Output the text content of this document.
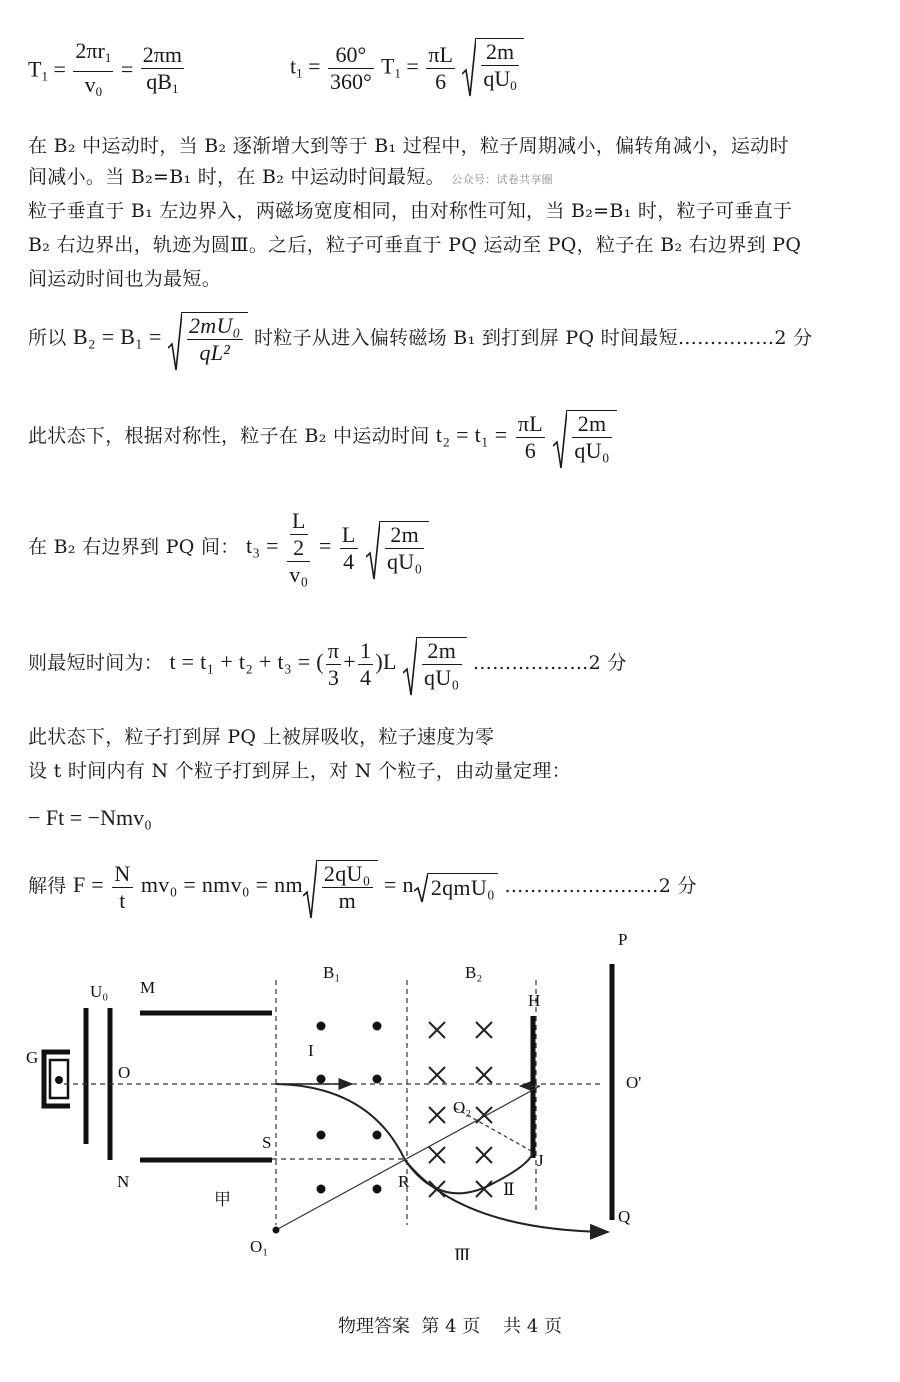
$T_1 = \frac{2\pi r_1}{v_0} = \frac{2\pi m}{qB_1}$	$t_1 = \frac{60^\circ}{360^\circ} T_1 = \frac{\pi L}{6}$
$\frac{2m}{qU_0}$
在 B₂ 中运动时，当 B₂ 逐渐增大到等于 B₁ 过程中，粒子周期减小，偏转角减小，运动时
间减小。当 B₂=B₁ 时，在 B₂ 中运动时间最短。 公众号：试卷共享圈
粒子垂直于 B₁ 左边界入，两磁场宽度相同，由对称性可知，当 B₂=B₁ 时，粒子可垂直于
B₂ 右边界出，轨迹为圆Ⅲ。之后，粒子可垂直于 PQ 运动至 PQ，粒子在 B₂ 右边界到 PQ
间运动时间也为最短。
所以 $B_2 = B_1 = \frac{\text{2mU₀}}{\text{qL²}}$ 时粒子从进入偏转磁场 B₁ 到打到屏 PQ 时间最短……………2 分
此状态下，根据对称性，粒子在 B₂ 中运动时间 $t_2 = t_1 = \frac{\pi L}{6}$
$\frac{2m}{\text{qU₀}}$
在 B₂ 右边界到 PQ 间： $t_3 = \frac{\frac{L}{2}}{\text{v₀}} = \frac{L}{4}$
$\frac{2m}{\text{qU₀}}$
则最短时间为： t = t₁ + t₂ + t₃ = ( $\frac{\pi}{3} + \frac{1}{4} )L \frac{2m}{\text{qU₀}}$ ………………2 分
此状态下，粒子打到屏 PQ 上被屏吸收，粒子速度为零
设 t 时间内有 N 个粒子打到屏上，对 N 个粒子，由动量定理：
− Ft = −Nmv₀
解得 $F = \frac{N}{t} mv_0 = nmv_0$ = nm $\frac{\text{2qU₀}}{m} = n$ 2qmU₀ ……………………2 分
G
U₀ M
O
N
S
甲
B₁	B₂
I
O₂
R	Ⅱ
Ⅲ
H
J
P
Q
O'
O₁
物理答案  第 4 页    共 4 页
